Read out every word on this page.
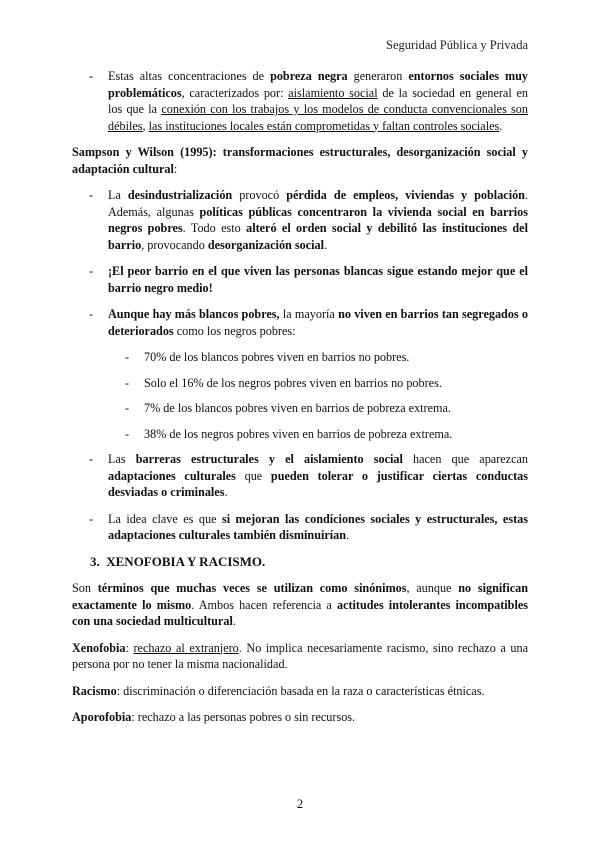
Seguridad Pública y Privada
- Estas altas concentraciones de pobreza negra generaron entornos sociales muy problemáticos, caracterizados por: aislamiento social de la sociedad en general en los que la conexión con los trabajos y los modelos de conducta convencionales son débiles, las instituciones locales están comprometidas y faltan controles sociales.

Sampson y Wilson (1995): transformaciones estructurales, desorganización social y adaptación cultural:

- La desindustrialización provocó pérdida de empleos, viviendas y población. Además, algunas políticas públicas concentraron la vivienda social en barrios negros pobres. Todo esto alteró el orden social y debilitó las instituciones del barrio, provocando desorganización social.
- ¡El peor barrio en el que viven las personas blancas sigue estando mejor que el barrio negro medio!
- Aunque hay más blancos pobres, la mayoría no viven en barrios tan segregados o deteriorados como los negros pobres:
- 70% de los blancos pobres viven en barrios no pobres.
- Solo el 16% de los negros pobres viven en barrios no pobres.
- 7% de los blancos pobres viven en barrios de pobreza extrema.
- 38% de los negros pobres viven en barrios de pobreza extrema.
- Las barreras estructurales y el aislamiento social hacen que aparezcan adaptaciones culturales que pueden tolerar o justificar ciertas conductas desviadas o criminales.
- La idea clave es que si mejoran las condiciones sociales y estructurales, estas adaptaciones culturales también disminuirían.
3. XENOFOBIA Y RACISMO.

Son términos que muchas veces se utilizan como sinónimos, aunque no significan exactamente lo mismo. Ambos hacen referencia a actitudes intolerantes incompatibles con una sociedad multicultural.

Xenofobia: rechazo al extranjero. No implica necesariamente racismo, sino rechazo a una persona por no tener la misma nacionalidad.

Racismo: discriminación o diferenciación basada en la raza o características étnicas.

Aporofobia: rechazo a las personas pobres o sin recursos.

2
